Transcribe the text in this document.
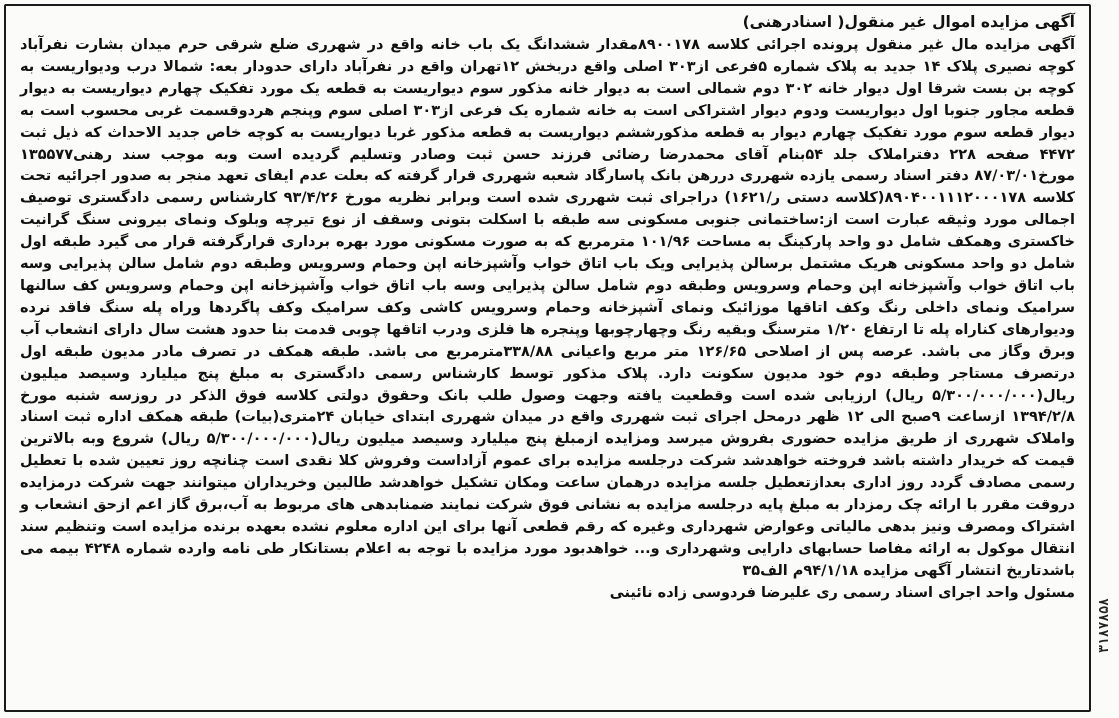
آگهی مزایده اموال غیر منقول( اسنادرهنی)

آگهی مزایده مال غیر منقول پرونده اجرائی کلاسه ۸۹۰۰۱۷۸مقدار ششدانگ یک باب خانه واقع در شهرری ضلع شرقی حرم میدان بشارت نفرآباد کوچه نصیری پلاک ۱۴ جدید به پلاک شماره ۵فرعی از۳۰۳ اصلی واقع دربخش ۱۲تهران واقع در نفرآباد دارای حدودار بعه: شمالا درب ودیواریست به کوچه بن بست شرقا اول دیوار خانه ۳۰۲ دوم شمالی است به دیوار خانه مذکور سوم دیواریست به قطعه یک مورد تفکیک چهارم دیواریست به دیوار قطعه مجاور جنوبا اول دیواریست ودوم دیوار اشتراکی است به خانه شماره یک فرعی از۳۰۳ اصلی سوم وپنجم هردوقسمت غربی محسوب است به دیوار قطعه سوم مورد تفکیک چهارم دیوار به قطعه مذکورششم دیواریست به قطعه مذکور غربا دیواریست به کوچه خاص جدید الاحداث که ذیل ثبت ۴۴۷۲ صفحه ۲۲۸ دفتراملاک جلد ۵۴بنام آقای محمدرضا رضائی فرزند حسن ثبت وصادر وتسلیم گردیده است وبه موجب سند رهنی۱۳۵۵۷۷ مورخ۸۷/۰۳/۰۱ دفتر اسناد رسمی یازده شهرری دررهن بانک پاسارگاد شعبه شهرری قرار گرفته که بعلت عدم ایفای تعهد منجر به صدور اجرائیه تحت کلاسه ۸۹۰۴۰۰۱۱۱۲۰۰۰۱۷۸(کلاسه دستی ر/۱۶۲۱) دراجرای ثبت شهرری شده است وبرابر نظریه مورخ ۹۳/۴/۲۶ کارشناس رسمی دادگستری توصیف اجمالی مورد وثیقه عبارت است از:ساختمانی جنوبی مسکونی سه طبقه با اسکلت بتونی وسقف از نوع تیرچه وبلوک ونمای بیرونی سنگ گرانیت خاکستری وهمکف شامل دو واحد پارکینگ به مساحت ۱۰۱/۹۶ مترمربع که به صورت مسکونی مورد بهره برداری قرارگرفته قرار می گیرد طبقه اول شامل دو واحد مسکونی هریک مشتمل برسالن پذیرایی ویک باب اتاق خواب وآشپزخانه اپن وحمام وسرویس وطبقه دوم شامل سالن پذیرایی وسه باب اتاق خواب وآشپزخانه اپن وحمام وسرویس وطبقه دوم شامل سالن پذیرایی وسه باب اتاق خواب وآشپزخانه اپن وحمام وسرویس کف سالنها سرامیک ونمای داخلی رنگ وکف اتاقها موزائیک ونمای آشپزخانه وحمام وسرویس کاشی وکف سرامیک وکف پاگردها وراه پله سنگ فاقد نرده ودیوارهای کناراه پله تا ارتفاع ۱/۲۰ مترسنگ وبقیه رنگ وچهارچوبها وپنجره ها فلزی ودرب اتاقها چوبی قدمت بنا حدود هشت سال دارای انشعاب آب وبرق وگاز می باشد. عرصه پس از اصلاحی ۱۲۶/۶۵ متر مربع واعیانی ۳۳۸/۸۸مترمربع می باشد. طبقه همکف در تصرف مادر مدیون طبقه اول درتصرف مستاجر وطبقه دوم خود مدیون سکونت دارد. پلاک مذکور توسط کارشناس رسمی دادگستری به مبلغ پنج میلیارد وسیصد میلیون ریال(۵/۳۰۰/۰۰۰/۰۰۰ ریال) ارزیابی شده است وقطعیت یافته وجهت وصول طلب بانک وحقوق دولتی کلاسه فوق الذکر در روزسه شنبه مورخ ۱۳۹۴/۲/۸ ازساعت ۹صبح الی ۱۲ ظهر درمحل اجرای ثبت شهرری واقع در میدان شهرری ابتدای خیابان ۲۴متری(بیات) طبقه همکف اداره ثبت اسناد واملاک شهرری از طریق مزایده حضوری بفروش میرسد ومزایده ازمبلغ پنج میلیارد وسیصد میلیون ریال(۵/۳۰۰/۰۰۰/۰۰۰ ریال) شروع وبه بالاترین قیمت که خریدار داشته باشد فروخته خواهدشد شرکت درجلسه مزایده برای عموم آزاداست وفروش کلا نقدی است چنانچه روز تعیین شده با تعطیل رسمی مصادف گردد روز اداری بعدازتعطیل جلسه مزایده درهمان ساعت ومکان تشکیل خواهدشد طالبین وخریداران میتوانند جهت شرکت درمزایده دروقت مقرر با ارائه چک رمزدار به مبلغ پایه درجلسه مزایده به نشانی فوق شرکت نمایند ضمنابدهی های مربوط به آب،برق گاز اعم ازحق انشعاب و اشتراک ومصرف ونیز بدهی مالیاتی وعوارض شهرداری وغیره که رقم قطعی آنها برای این اداره معلوم نشده بعهده برنده مزایده است وتنظیم سند انتقال موکول به ارائه مفاصا حسابهای دارایی وشهرداری و... خواهدبود مورد مزایده با توجه به اعلام بستانکار طی نامه وارده شماره ۴۲۴۸ بیمه می باشدتاریخ انتشار آگهی مزایده ۹۴/۱/۱۸م الف۳۵

مسئول واحد اجرای اسناد رسمی ری علیرضا فردوسی زاده نائینی

۳۱۸۷۸۵۸
